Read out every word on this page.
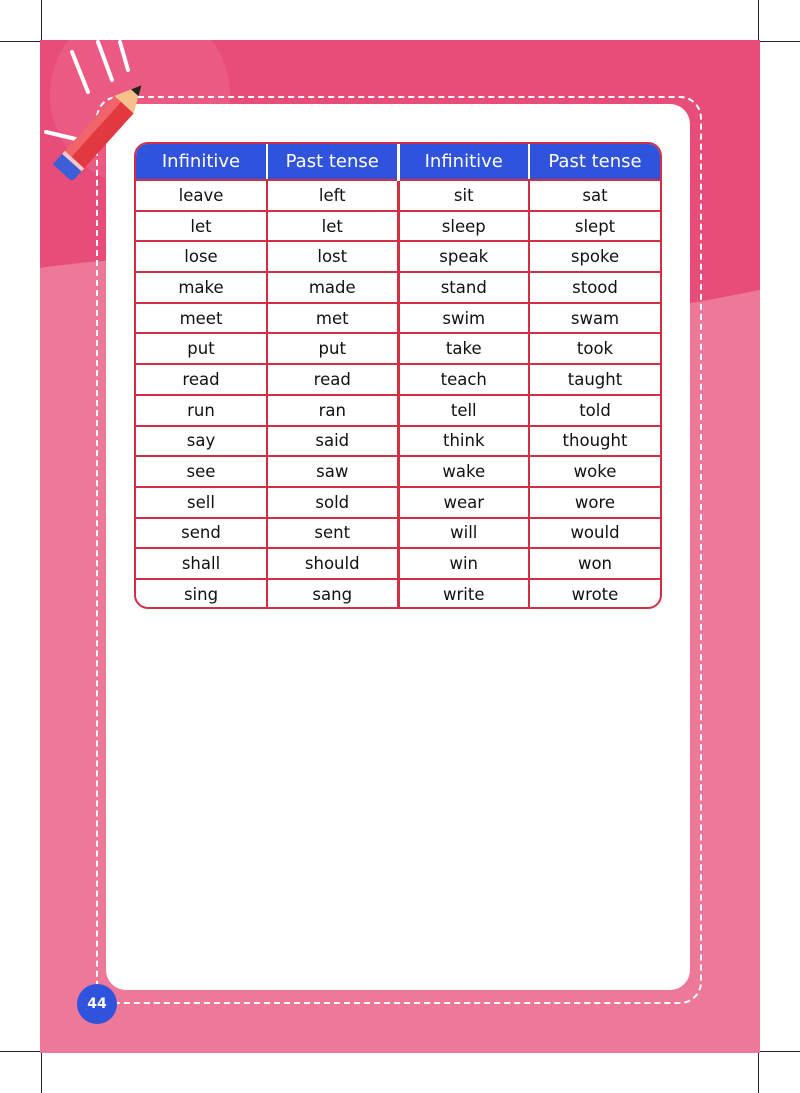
44
Infinitive	Past tense	Infinitive	Past tense
leave	left	sit	sat
let	let	sleep	slept
lose	lost	speak	spoke
make	made	stand	stood
meet	met	swim	swam
put	put	take	took
read	read	teach	taught
run	ran	tell	told
say	said	think	thought
see	saw	wake	woke
sell	sold	wear	wore
send	sent	will	would
shall	should	win	won
sing	sang	write	wrote
